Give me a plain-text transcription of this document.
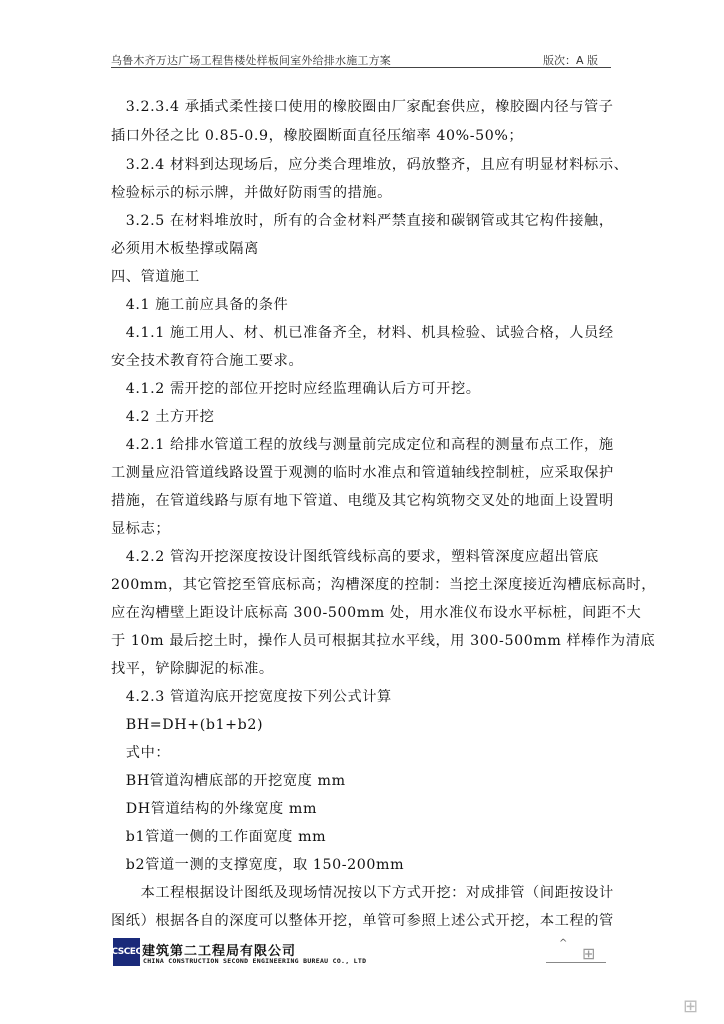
乌鲁木齐万达广场工程售楼处样板间室外给排水施工方案	版次：A 版
　3.2.3.4 承插式柔性接口使用的橡胶圈由厂家配套供应，橡胶圈内径与管子
插口外径之比 0.85-0.9，橡胶圈断面直径压缩率 40%-50%；
　3.2.4 材料到达现场后，应分类合理堆放，码放整齐，且应有明显材料标示、
检验标示的标示牌，并做好防雨雪的措施。
　3.2.5 在材料堆放时，所有的合金材料严禁直接和碳钢管或其它构件接触，
必须用木板垫撑或隔离
四、管道施工
　4.1 施工前应具备的条件
　4.1.1 施工用人、材、机已准备齐全，材料、机具检验、试验合格，人员经
安全技术教育符合施工要求。
　4.1.2 需开挖的部位开挖时应经监理确认后方可开挖。
　4.2 土方开挖
　4.2.1 给排水管道工程的放线与测量前完成定位和高程的测量布点工作，施
工测量应沿管道线路设置于观测的临时水准点和管道轴线控制桩，应采取保护
措施，在管道线路与原有地下管道、电缆及其它构筑物交叉处的地面上设置明
显标志；
　4.2.2 管沟开挖深度按设计图纸管线标高的要求，塑料管深度应超出管底
200mm，其它管挖至管底标高；沟槽深度的控制：当挖土深度接近沟槽底标高时，
应在沟槽壁上距设计底标高 300-500mm 处，用水准仪布设水平标桩，间距不大
于 10m 最后挖土时，操作人员可根据其拉水平线，用 300-500mm 样棒作为清底
找平，铲除脚泥的标准。
　4.2.3 管道沟底开挖宽度按下列公式计算
　BH=DH+(b1+b2)
　式中：
　BH管道沟槽底部的开挖宽度 mm
　DH管道结构的外缘宽度 mm
　b1管道一侧的工作面宽度 mm
　b2管道一测的支撑宽度，取 150-200mm
　　本工程根据设计图纸及现场情况按以下方式开挖：对成排管（间距按设计
图纸）根据各自的深度可以整体开挖，单管可参照上述公式开挖，本工程的管
CSCEC 建筑第二工程局有限公司
CHINA CONSTRUCTION SECOND ENGINEERING BUREAU CO., LTD
^
⊞
⊞
